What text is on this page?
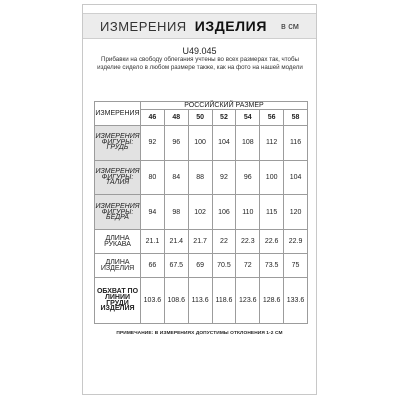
ИЗМЕРЕНИЯ ИЗДЕЛИЯ в см
U49.045
Прибавки на свободу облегания учтены во всех размерах так, чтобы изделие сидело в любом размере также, как на фото на нашей модели
ИЗМЕРЕНИЯ	РОССИЙСКИЙ РАЗМЕР						
	46	48	50	52	54	56	58
ИЗМЕРЕНИЯ ФИГУРЫ: ГРУДЬ	92	96	100	104	108	112	116
ИЗМЕРЕНИЯ ФИГУРЫ: ТАЛИЯ	80	84	88	92	96	100	104
ИЗМЕРЕНИЯ ФИГУРЫ: БЁДРА	94	98	102	106	110	115	120
ДЛИНА РУКАВА	21.1	21.4	21.7	22	22.3	22.6	22.9
ДЛИНА ИЗДЕЛИЯ	66	67.5	69	70.5	72	73.5	75
ОБХВАТ ПО ЛИНИИ ГРУДИ ИЗДЕЛИЯ	103.6	108.6	113.6	118.6	123.6	128.6	133.6
ПРИМЕЧАНИЕ: В ИЗМЕРЕНИЯХ ДОПУСТИМЫ ОТКЛОНЕНИЯ 1-2 СМ
